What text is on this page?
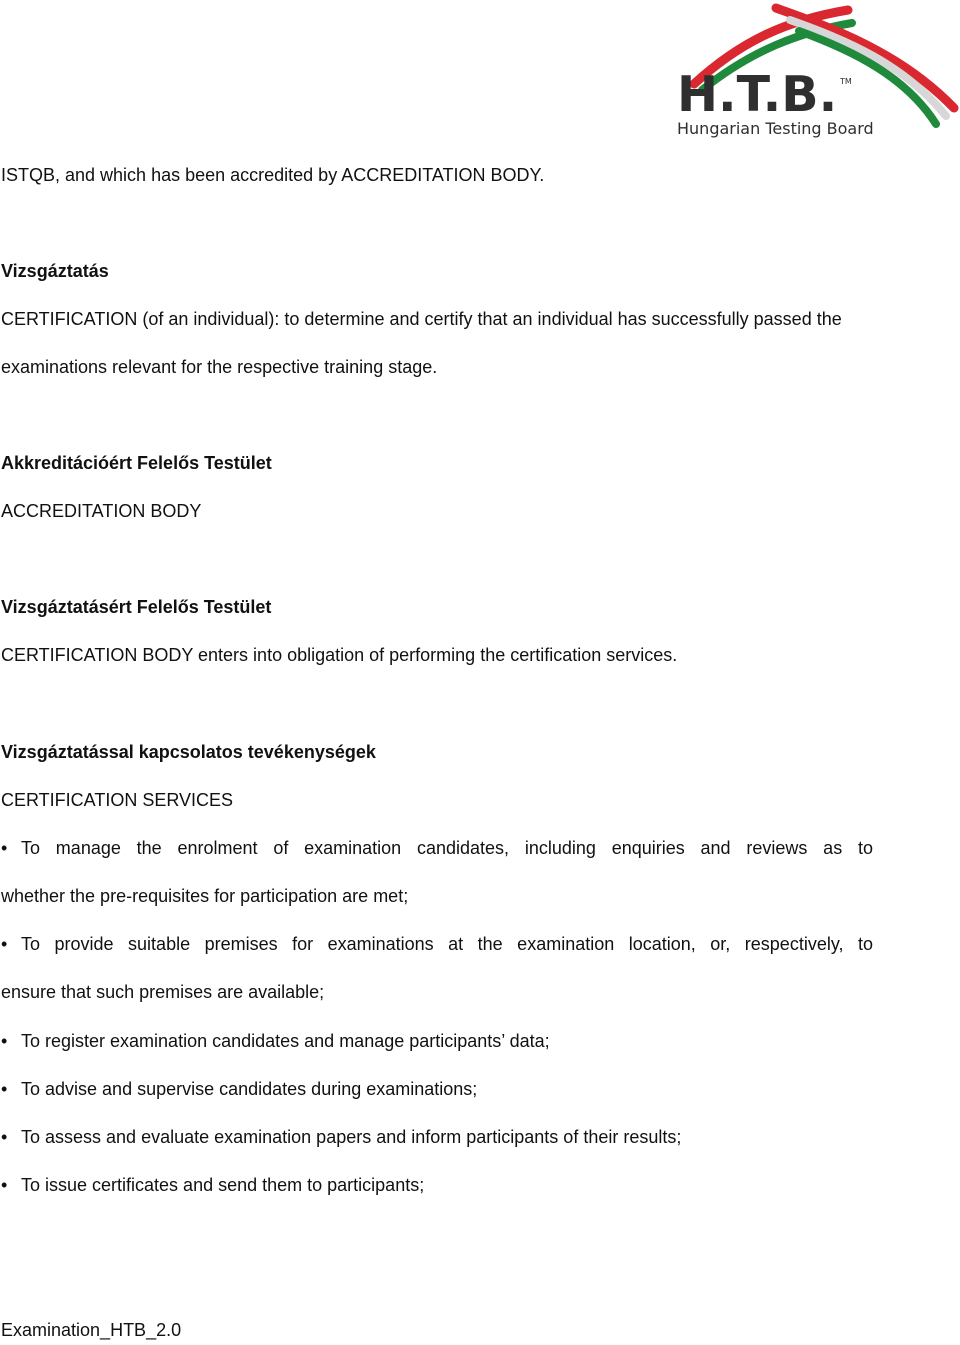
H.T.B. TM
Hungarian Testing Board
ISTQB, and which has been accredited by ACCREDITATION BODY.
Vizsgáztatás
CERTIFICATION (of an individual): to determine and certify that an individual has successfully passed the
examinations relevant for the respective training stage.
Akkreditációért Felelős Testület
ACCREDITATION BODY
Vizsgáztatásért Felelős Testület
CERTIFICATION BODY enters into obligation of performing the certification services.
Vizsgáztatással kapcsolatos tevékenységek
CERTIFICATION SERVICES
• To manage the enrolment of examination candidates, including enquiries and reviews as to
whether the pre-requisites for participation are met;
• To provide suitable premises for examinations at the examination location, or, respectively, to
ensure that such premises are available;
• To register examination candidates and manage participants’ data;
• To advise and supervise candidates during examinations;
• To assess and evaluate examination papers and inform participants of their results;
• To issue certificates and send them to participants;
Examination_HTB_2.0
